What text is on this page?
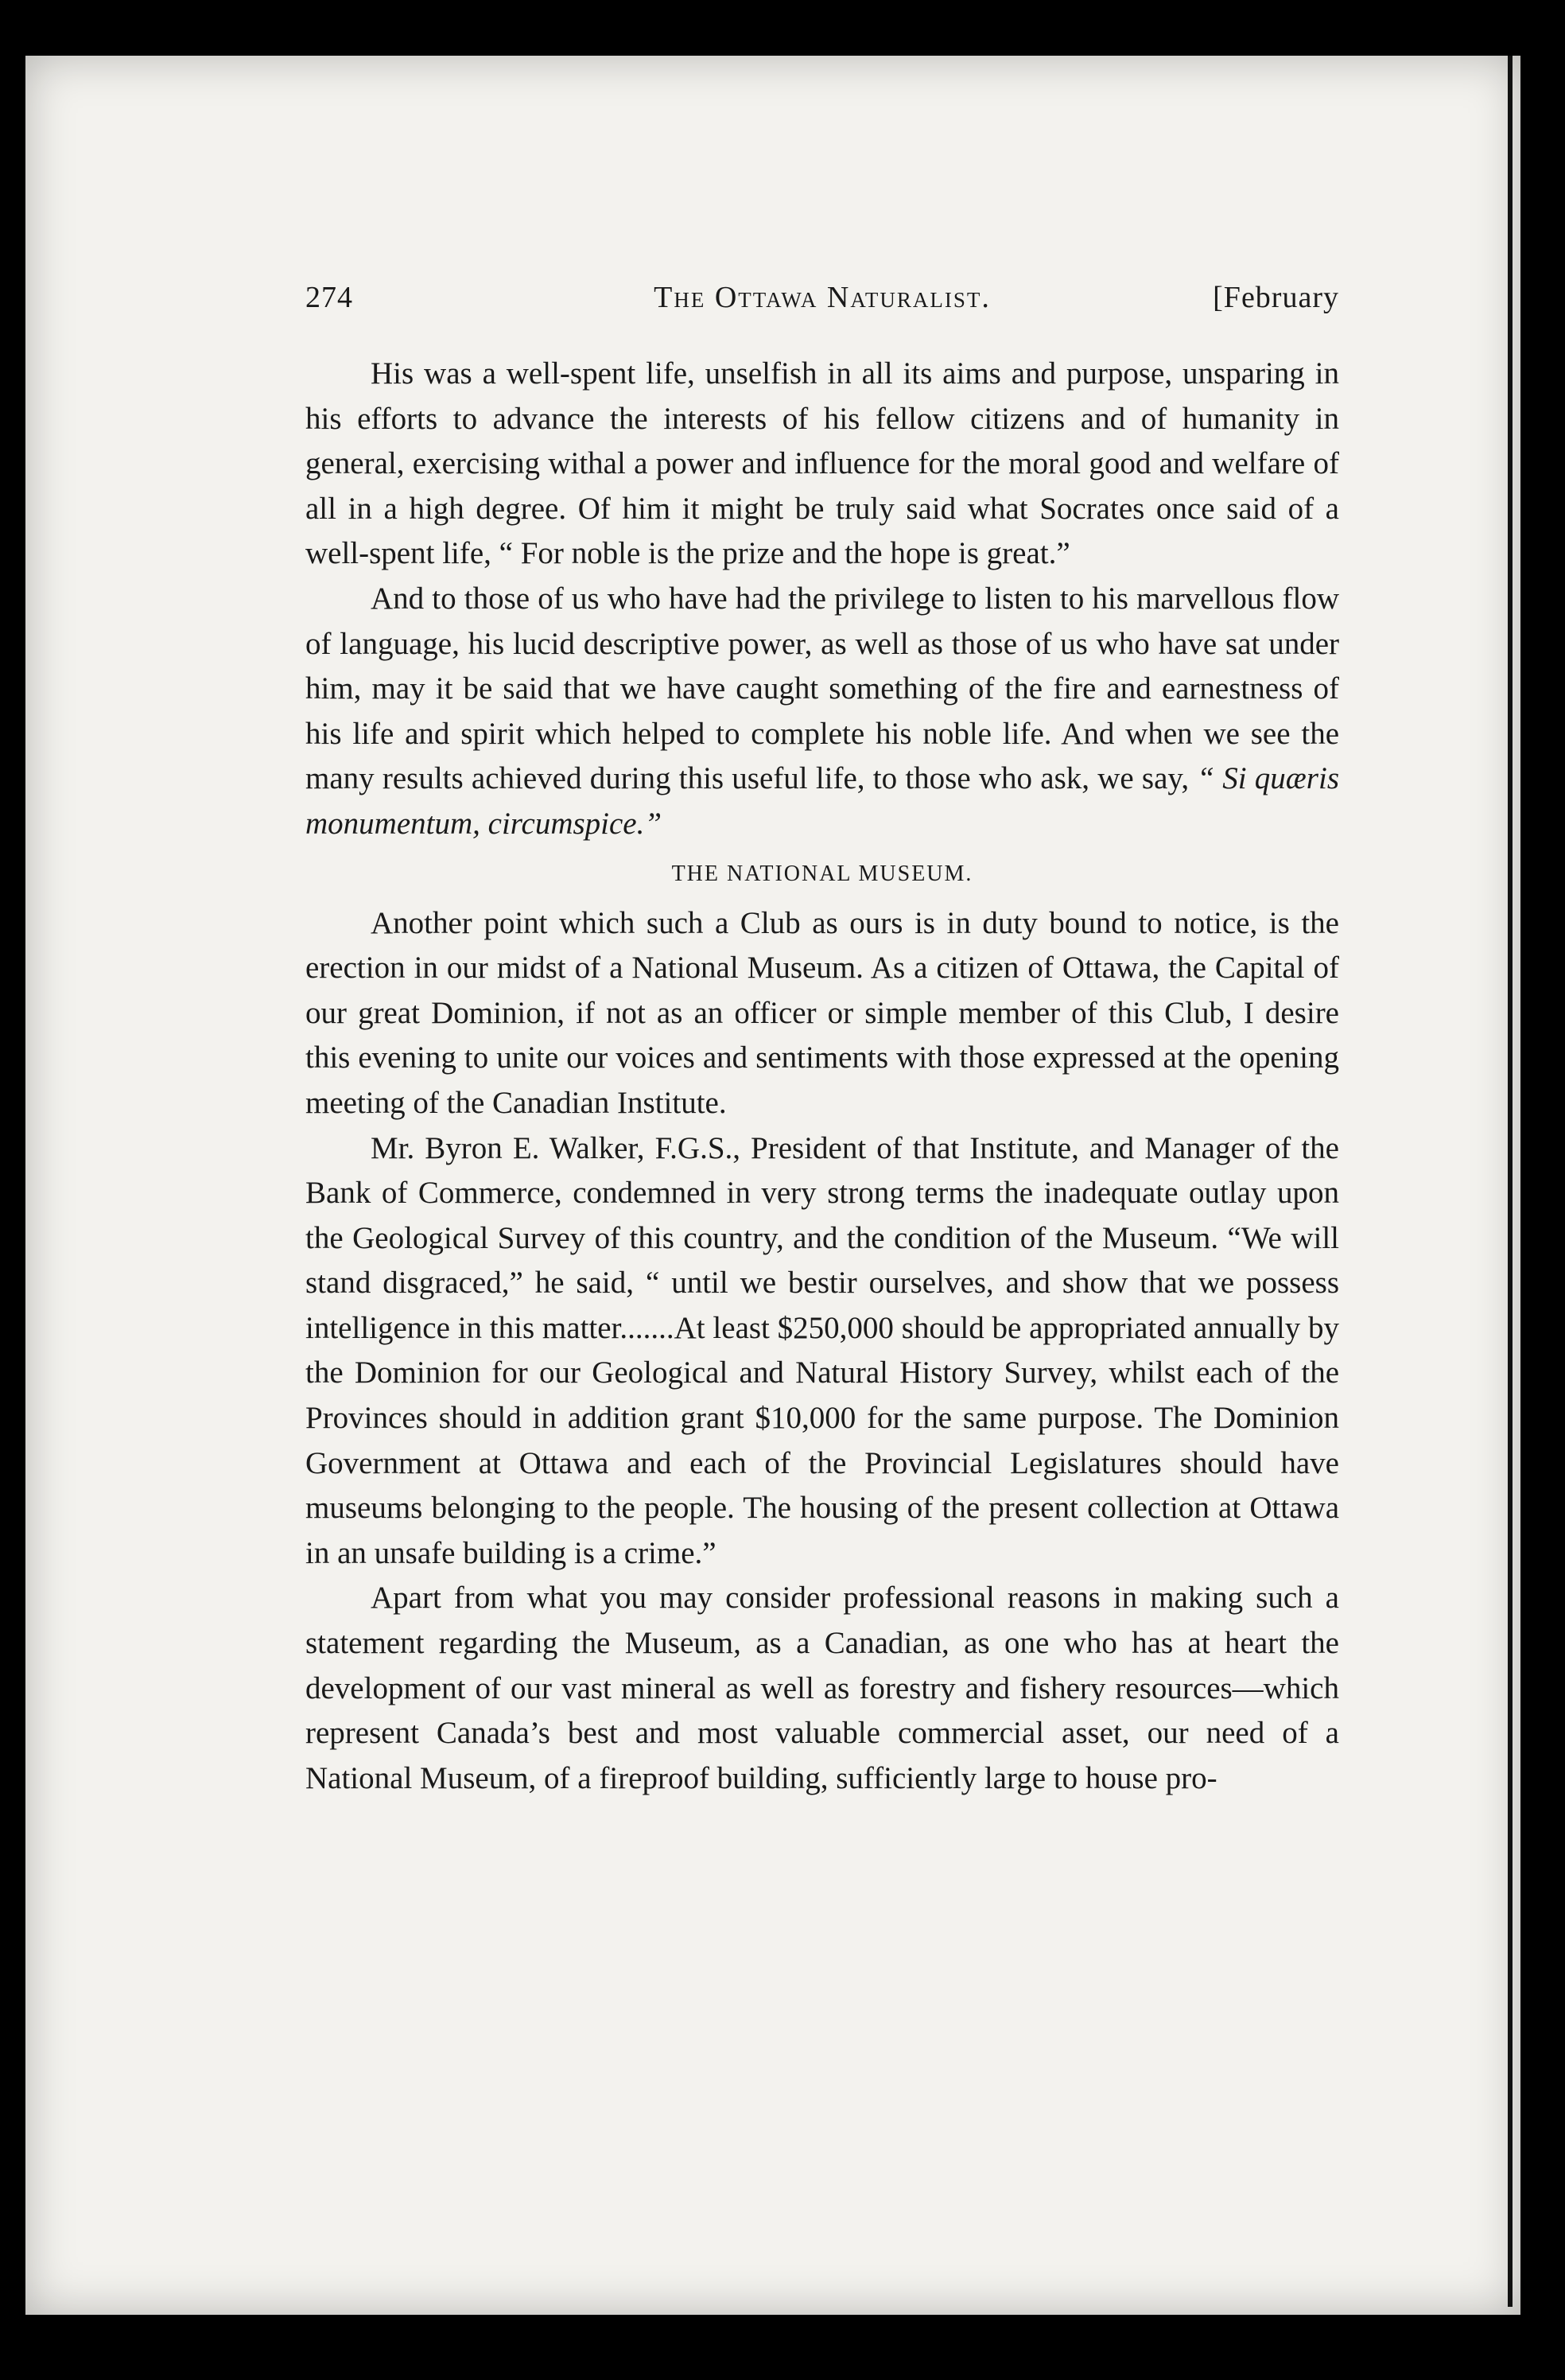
274	The Ottawa Naturalist.	[February

His was a well-spent life, unselfish in all its aims and purpose, unsparing in his efforts to advance the interests of his fellow citizens and of humanity in general, exercising withal a power and influence for the moral good and welfare of all in a high degree. Of him it might be truly said what Socrates once said of a well-spent life, “ For noble is the prize and the hope is great.”

And to those of us who have had the privilege to listen to his marvellous flow of language, his lucid descriptive power, as well as those of us who have sat under him, may it be said that we have caught something of the fire and earnestness of his life and spirit which helped to complete his noble life. And when we see the many results achieved during this useful life, to those who ask, we say, “ Si quæris monumentum, circumspice.”

THE NATIONAL MUSEUM.

Another point which such a Club as ours is in duty bound to notice, is the erection in our midst of a National Museum. As a citizen of Ottawa, the Capital of our great Dominion, if not as an officer or simple member of this Club, I desire this evening to unite our voices and sentiments with those expressed at the opening meeting of the Canadian Institute.

Mr. Byron E. Walker, F.G.S., President of that Institute, and Manager of the Bank of Commerce, condemned in very strong terms the inadequate outlay upon the Geological Survey of this country, and the condition of the Museum. “We will stand disgraced,” he said, “ until we bestir ourselves, and show that we possess intelligence in this matter.......At least $250,000 should be appropriated annually by the Dominion for our Geological and Natural History Survey, whilst each of the Provinces should in addition grant $10,000 for the same purpose. The Dominion Government at Ottawa and each of the Provincial Legislatures should have museums belonging to the people. The housing of the present collection at Ottawa in an unsafe building is a crime.”

Apart from what you may consider professional reasons in making such a statement regarding the Museum, as a Canadian, as one who has at heart the development of our vast mineral as well as forestry and fishery resources—which represent Canada’s best and most valuable commercial asset, our need of a National Museum, of a fireproof building, sufficiently large to house pro-
